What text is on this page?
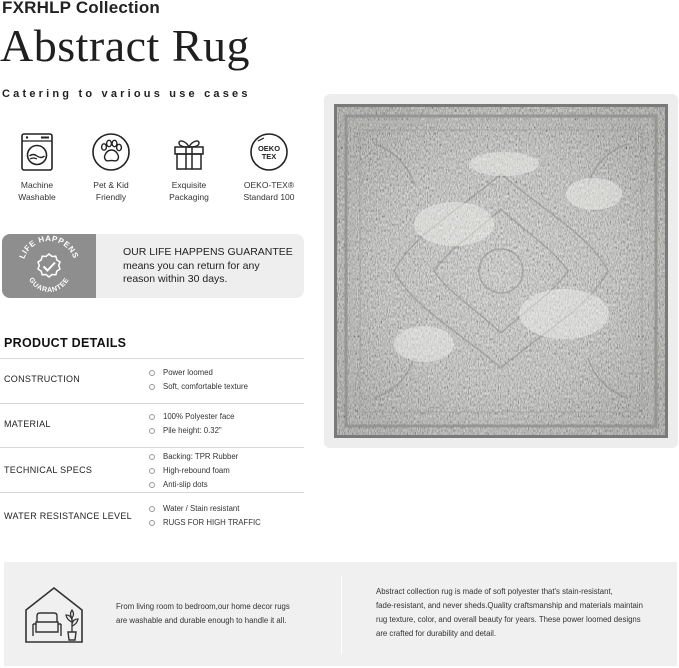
FXRHLP Collection
Abstract Rug
Catering to various use cases
Machine
Washable
Pet & Kid
Friendly
Exquisite
Packaging
OEKO
TEX
OEKO-TEX®
Standard 100
LIFE HAPPENS
GUARANTEE
OUR LIFE HAPPENS GUARANTEE
means you can return for any
reason within 30 days.
PRODUCT DETAILS
CONSTRUCTION
Power loomed
Soft, comfortable texture
MATERIAL
100% Polyester face
Pile height: 0.32"
TECHNICAL SPECS
Backing: TPR Rubber
High-rebound foam
Anti-slip dots
WATER RESISTANCE LEVEL
Water / Stain resistant
RUGS FOR HIGH TRAFFIC
From living room to bedroom,our home decor rugs
are washable and durable enough to handle it all.
Abstract collection rug is made of soft polyester that's stain-resistant,
fade-resistant, and never sheds.Quality craftsmanship and materials maintain
rug texture, color, and overall beauty for years. These power loomed designs
are crafted for durability and detail.
